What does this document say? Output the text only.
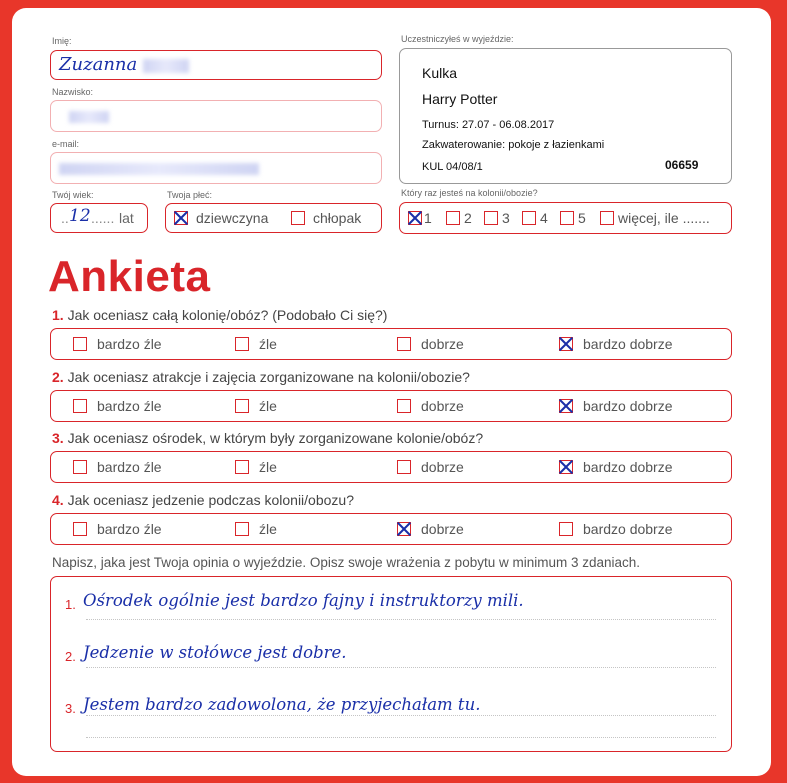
Imię:
Zuzanna
Nazwisko:
e-mail:
Twój wiek:
.. 12 ...... lat
Twoja płeć:
dziewczyna	chłopak
Uczestniczyłeś w wyjeździe:
Kulka
Harry Potter
Turnus: 27.07 - 06.08.2017
Zakwaterowanie: pokoje z łazienkami
KUL 04/08/1	06659
Który raz jesteś na kolonii/obozie?
1 2 3 4 5 więcej, ile .......
Ankieta
1. Jak oceniasz całą kolonię/obóz? (Podobało Ci się?)
bardzo źle	źle	dobrze	bardzo dobrze
2. Jak oceniasz atrakcje i zajęcia zorganizowane na kolonii/obozie?
bardzo źle	źle	dobrze	bardzo dobrze
3. Jak oceniasz ośrodek, w którym były zorganizowane kolonie/obóz?
bardzo źle	źle	dobrze	bardzo dobrze
4. Jak oceniasz jedzenie podczas kolonii/obozu?
bardzo źle	źle	dobrze	bardzo dobrze
Napisz, jaka jest Twoja opinia o wyjeździe. Opisz swoje wrażenia z pobytu w minimum 3 zdaniach.
1. Ośrodek ogólnie jest bardzo fajny i instruktorzy mili.
2. Jedzenie w stołówce jest dobre.
3. Jestem bardzo zadowolona, że przyjechałam tu.
